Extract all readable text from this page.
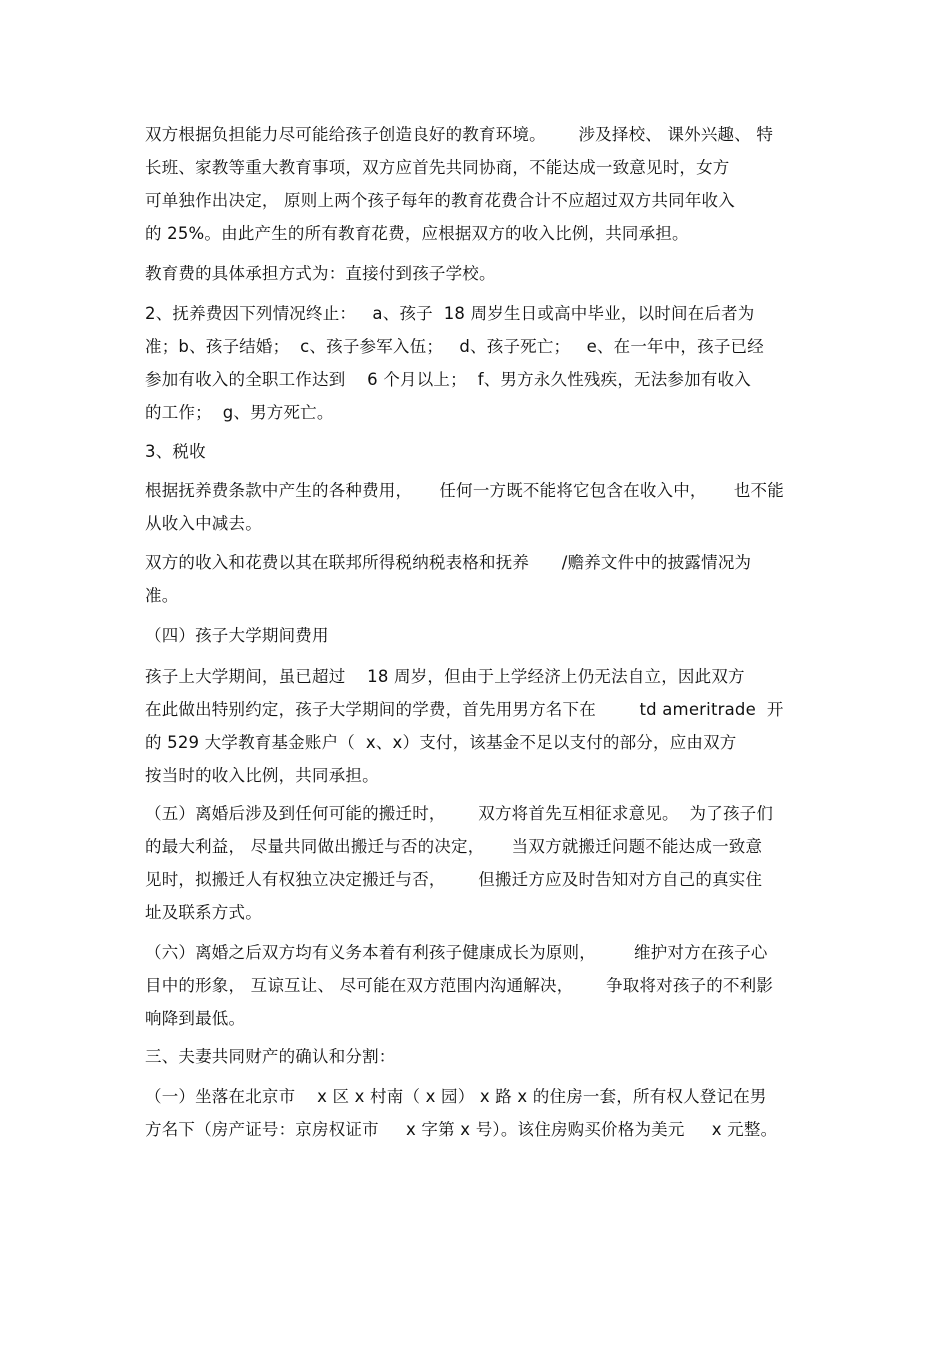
双方根据负担能力尽可能给孩子创造良好的教育环境。      涉及择校、 课外兴趣、 特
长班、家教等重大教育事项，双方应首先共同协商，不能达成一致意见时，女方
可单独作出决定， 原则上两个孩子每年的教育花费合计不应超过双方共同年收入
的 25%。由此产生的所有教育花费，应根据双方的收入比例，共同承担。
教育费的具体承担方式为：直接付到孩子学校。
2、抚养费因下列情况终止：   a、孩子  18 周岁生日或高中毕业，以时间在后者为
准；b、孩子结婚；  c、孩子参军入伍；   d、孩子死亡；   e、在一年中，孩子已经
参加有收入的全职工作达到    6 个月以上；  f、男方永久性残疾，无法参加有收入
的工作；  g、男方死亡。
3、税收
根据抚养费条款中产生的各种费用，     任何一方既不能将它包含在收入中，     也不能
从收入中减去。
双方的收入和花费以其在联邦所得税纳税表格和抚养      /赡养文件中的披露情况为
准。
（四）孩子大学期间费用
孩子上大学期间，虽已超过    18 周岁，但由于上学经济上仍无法自立，因此双方
在此做出特别约定，孩子大学期间的学费，首先用男方名下在        td ameritrade  开
的 529 大学教育基金账户（  x、x）支付，该基金不足以支付的部分，应由双方
按当时的收入比例，共同承担。
（五）离婚后涉及到任何可能的搬迁时，      双方将首先互相征求意见。  为了孩子们
的最大利益， 尽量共同做出搬迁与否的决定，     当双方就搬迁问题不能达成一致意
见时，拟搬迁人有权独立决定搬迁与否，      但搬迁方应及时告知对方自己的真实住
址及联系方式。
（六）离婚之后双方均有义务本着有利孩子健康成长为原则，       维护对方在孩子心
目中的形象， 互谅互让、 尽可能在双方范围内沟通解决，      争取将对孩子的不利影
响降到最低。
三、夫妻共同财产的确认和分割：
（一）坐落在北京市    x 区 x 村南（ x 园） x 路 x 的住房一套，所有权人登记在男
方名下（房产证号：京房权证市     x 字第 x 号）。该住房购买价格为美元     x 元整。
